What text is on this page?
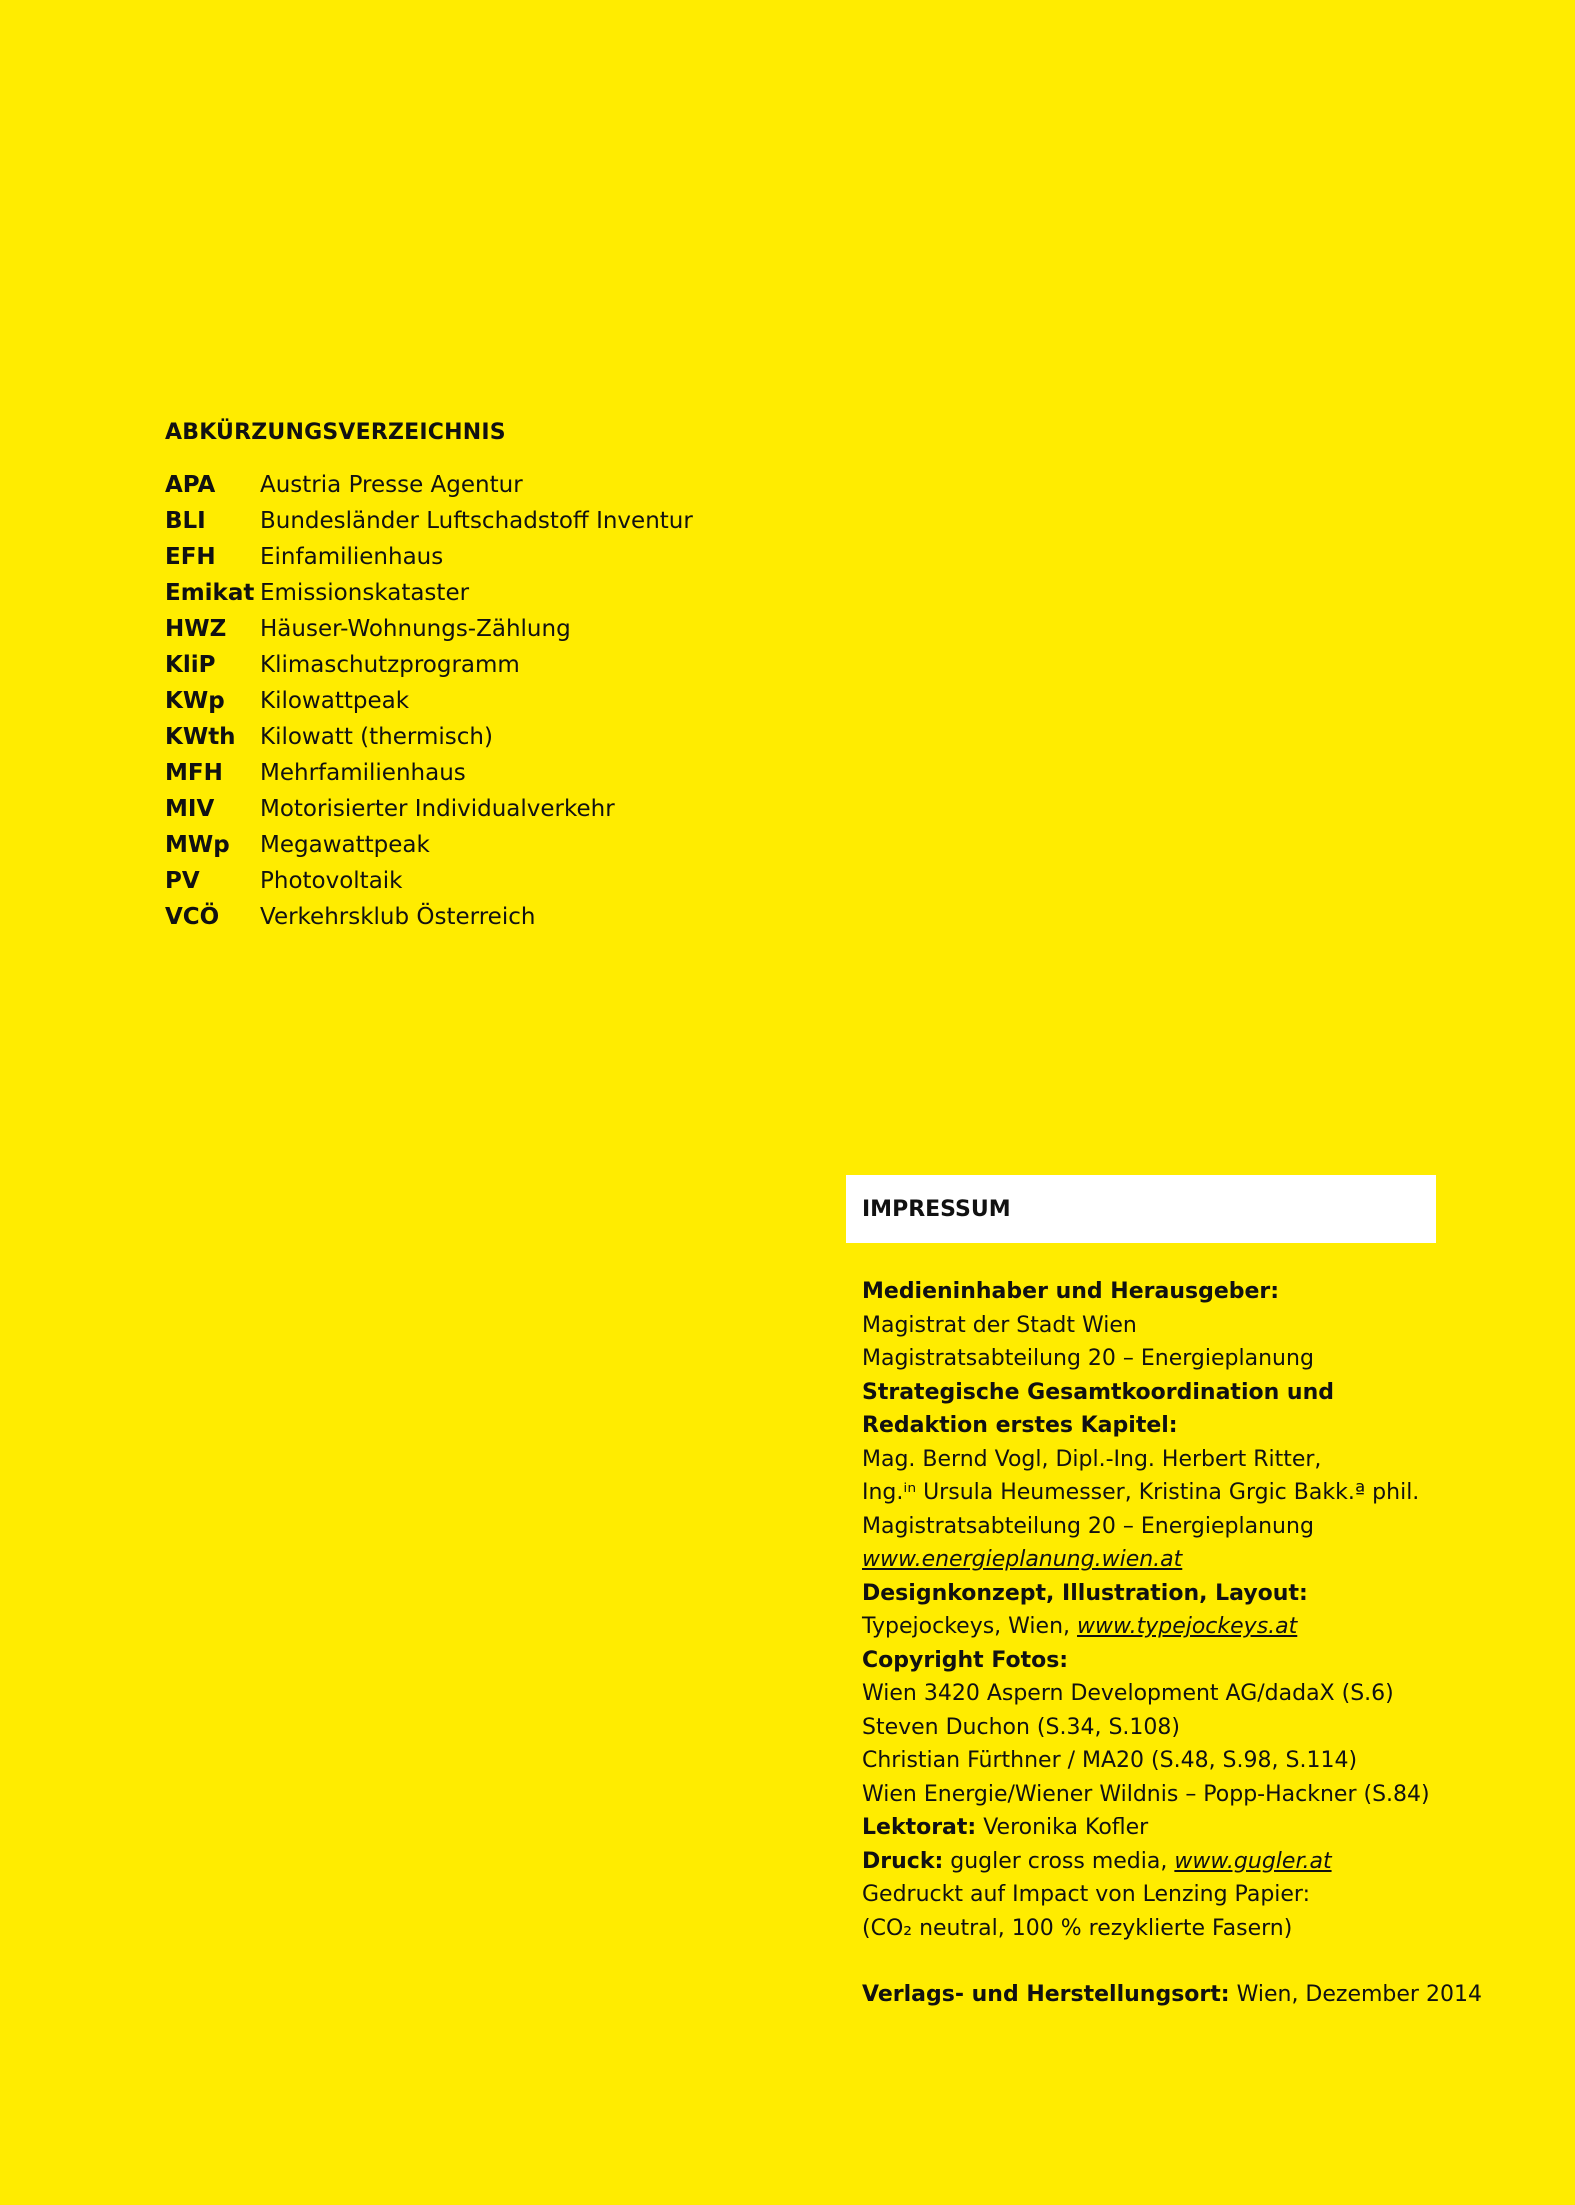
ABKÜRZUNGSVERZEICHNIS
APA	Austria Presse Agentur
BLI	Bundesländer Luftschadstoff Inventur
EFH	Einfamilienhaus
Emikat Emissionskataster
HWZ	Häuser-Wohnungs-Zählung
KliP	Klimaschutzprogramm
KWp	Kilowattpeak
KWth	Kilowatt (thermisch)
MFH	Mehrfamilienhaus
MIV	Motorisierter Individualverkehr
MWp	Megawattpeak
PV	Photovoltaik
VCÖ	Verkehrsklub Österreich
IMPRESSUM
Medieninhaber und Herausgeber:
Magistrat der Stadt Wien
Magistratsabteilung 20 – Energieplanung
Strategische Gesamtkoordination und
Redaktion erstes Kapitel:
Mag. Bernd Vogl, Dipl.-Ing. Herbert Ritter,
Ing.ⁱⁿ Ursula Heumesser, Kristina Grgic Bakk.ª phil.
Magistratsabteilung 20 – Energieplanung
www.energieplanung.wien.at
Designkonzept, Illustration, Layout:
Typejockeys, Wien, www.typejockeys.at
Copyright Fotos:
Wien 3420 Aspern Development AG/dadaX (S.6)
Steven Duchon (S.34, S.108)
Christian Fürthner / MA20 (S.48, S.98, S.114)
Wien Energie/Wiener Wildnis – Popp-Hackner (S.84)
Lektorat: Veronika Kofler
Druck: gugler cross media, www.gugler.at
Gedruckt auf Impact von Lenzing Papier:
(CO₂ neutral, 100 % rezyklierte Fasern)
Verlags- und Herstellungsort: Wien, Dezember 2014
